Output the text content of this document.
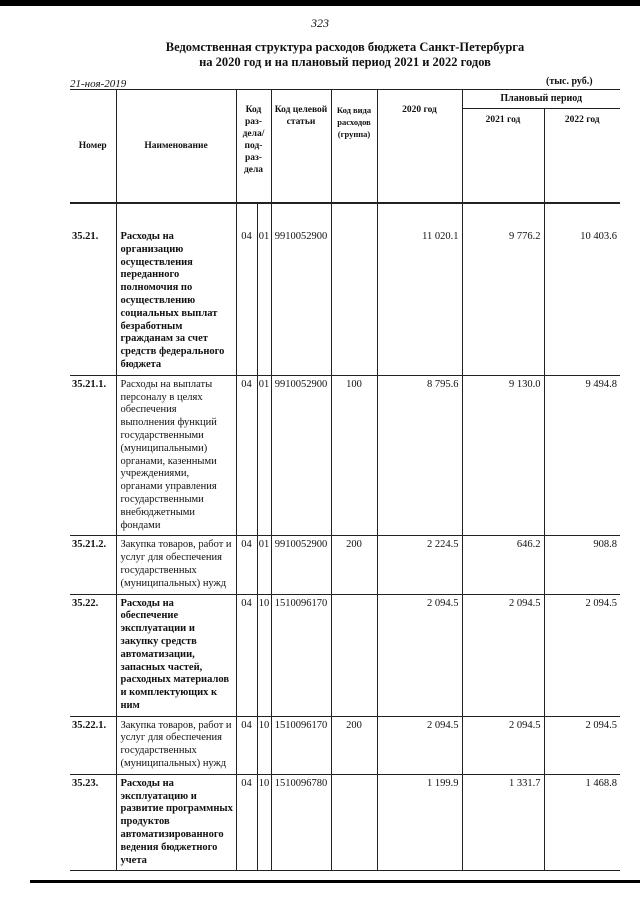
323
Ведомственная структура расходов бюджета Санкт-Петербурга
на 2020 год и на плановый период 2021 и 2022 годов
21-ноя-2019	(тыс. руб.)
Номер	Наименование	Код раз-дела/ под-раз-дела		Код целевой статьи	Код вида расходов (группа)	2020 год	Плановый период	
							2021 год	2022 год

35.21.	Расходы на организацию осуществления переданного полномочия по осуществлению социальных выплат безработным гражданам за счет средств федерального бюджета	04	01	9910052900		11 020.1	9 776.2	10 403.6
35.21.1.	Расходы на выплаты персоналу в целях обеспечения выполнения функций государственными (муниципальными) органами, казенными учреждениями, органами управления государственными внебюджетными фондами	04	01	9910052900	100	8 795.6	9 130.0	9 494.8
35.21.2.	Закупка товаров, работ и услуг для обеспечения государственных (муниципальных) нужд	04	01	9910052900	200	2 224.5	646.2	908.8
35.22.	Расходы на обеспечение эксплуатации и закупку средств автоматизации, запасных частей, расходных материалов и комплектующих к ним	04	10	1510096170		2 094.5	2 094.5	2 094.5
35.22.1.	Закупка товаров, работ и услуг для обеспечения государственных (муниципальных) нужд	04	10	1510096170	200	2 094.5	2 094.5	2 094.5
35.23.	Расходы на эксплуатацию и развитие программных продуктов автоматизированного ведения бюджетного учета	04	10	1510096780		1 199.9	1 331.7	1 468.8
